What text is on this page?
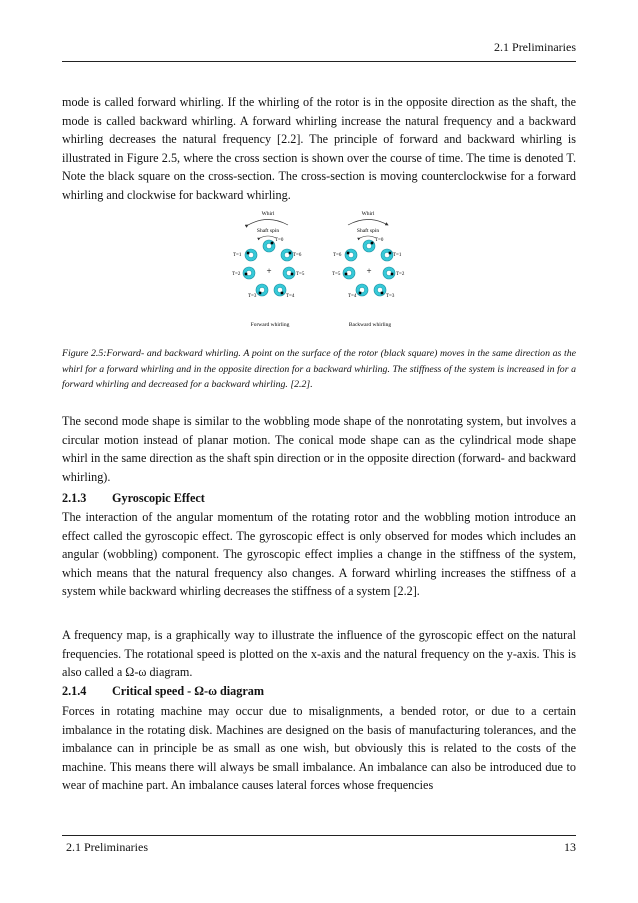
2.1 Preliminaries

mode is called forward whirling. If the whirling of the rotor is in the opposite direction as the shaft, the mode is called backward whirling. A forward whirling increase the natural frequency and a backward whirling decreases the natural frequency [2.2]. The principle of forward and backward whirling is illustrated in Figure 2.5, where the cross section is shown over the course of time. The time is denoted T. Note the black square on the cross-section. The cross-section is moving counterclockwise for a forward whirling and clockwise for backward whirling.

Whirl
Shaft spin
+
Forward whirling
Whirl
Shaft spin
+
Backward whirling
T=0
T=6
T=5
T=4
T=3
T=2
T=1
T=0
T=1
T=2
T=3
T=4
T=5
T=6

Figure 2.5:Forward- and backward whirling. A point on the surface of the rotor (black square) moves in the same direction as the whirl for a forward whirling and in the opposite direction for a backward whirling. The stiffness of the system is increased in for a forward whirling and decreased for a backward whirling. [2.2].

The second mode shape is similar to the wobbling mode shape of the nonrotating system, but involves a circular motion instead of planar motion. The conical mode shape can as the cylindrical mode shape whirl in the same direction as the shaft spin direction or in the opposite direction (forward- and backward whirling).

2.1.3 Gyroscopic Effect

The interaction of the angular momentum of the rotating rotor and the wobbling motion introduce an effect called the gyroscopic effect. The gyroscopic effect is only observed for modes which includes an angular (wobbling) component. The gyroscopic effect implies a change in the stiffness of the system, which means that the natural frequency also changes. A forward whirling increases the stiffness of a system while backward whirling decreases the stiffness of a system [2.2].

A frequency map, is a graphically way to illustrate the influence of the gyroscopic effect on the natural frequencies. The rotational speed is plotted on the x-axis and the natural frequency on the y-axis. This is also called a Ω-ω diagram.

2.1.4 Critical speed - Ω-ω diagram

Forces in rotating machine may occur due to misalignments, a bended rotor, or due to a certain imbalance in the rotating disk. Machines are designed on the basis of manufacturing tolerances, and the imbalance can in principle be as small as one wish, but obviously this is related to the costs of the machine. This means there will always be small imbalance. An imbalance can also be introduced due to wear of machine part. An imbalance causes lateral forces whose frequencies

2.1 Preliminaries	13
